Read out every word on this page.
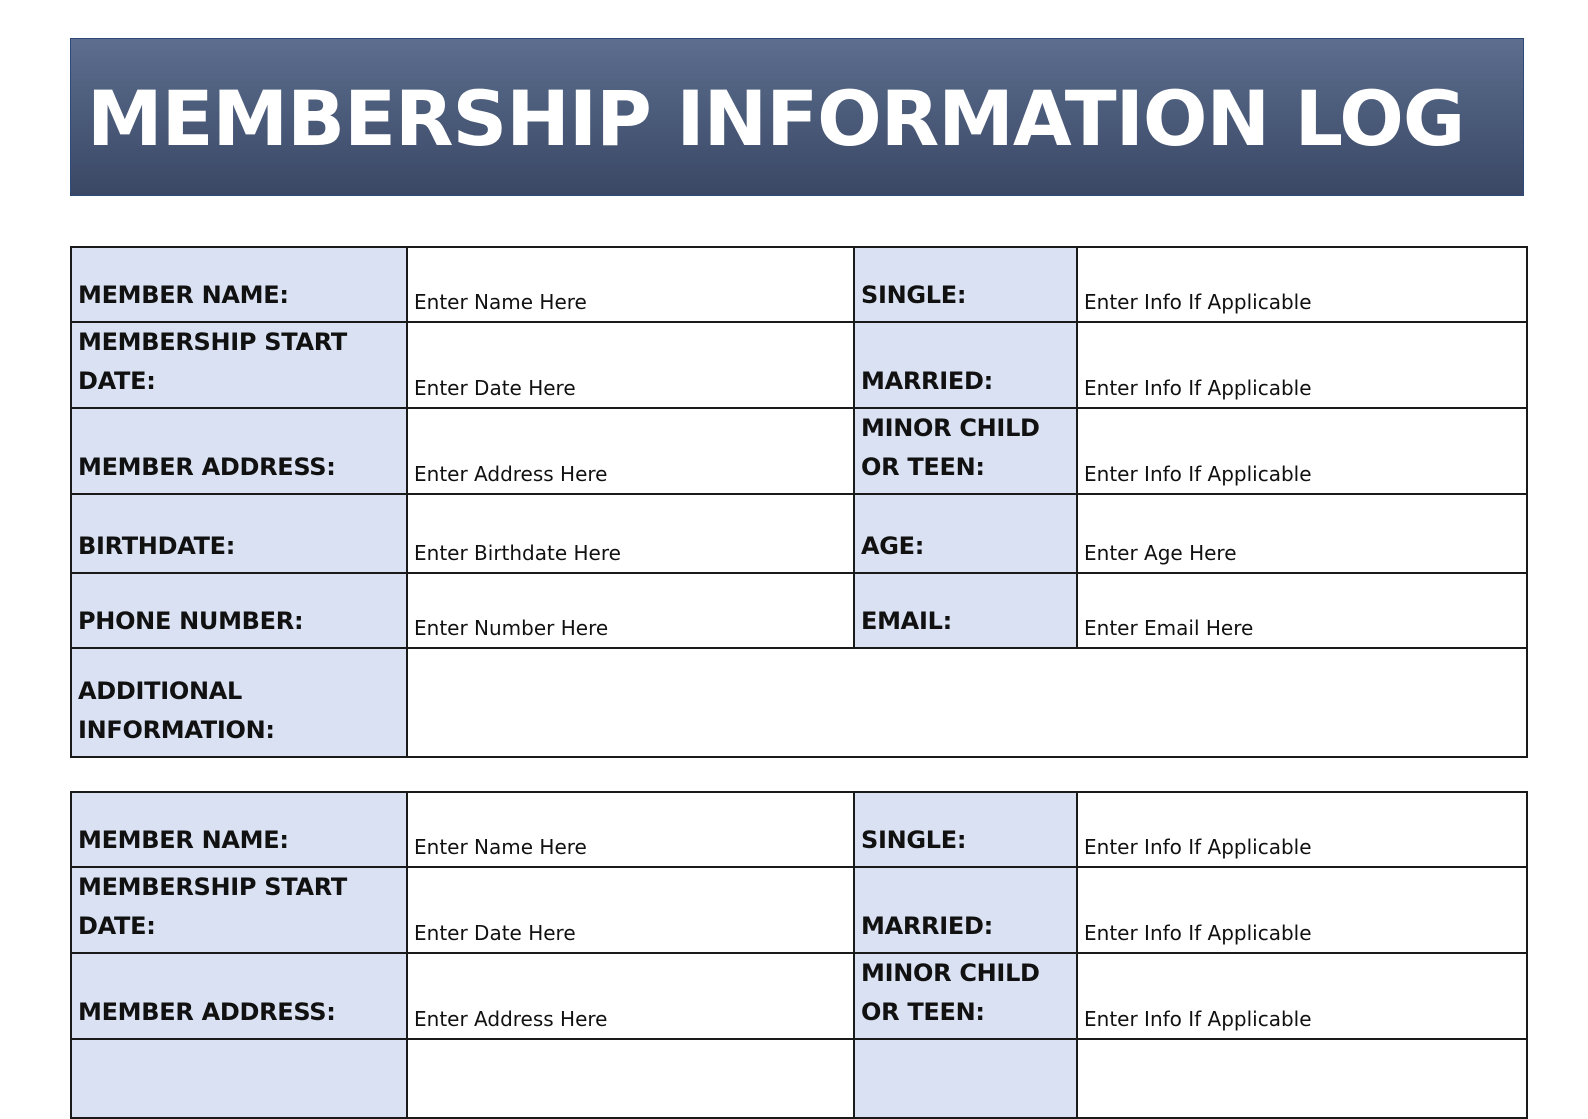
MEMBERSHIP INFORMATION LOG
MEMBER NAME:	Enter Name Here	SINGLE:	Enter Info If Applicable
MEMBERSHIP START DATE:	Enter Date Here	MARRIED:	Enter Info If Applicable
MEMBER ADDRESS:	Enter Address Here	MINOR CHILD OR TEEN:	Enter Info If Applicable
BIRTHDATE:	Enter Birthdate Here	AGE:	Enter Age Here
PHONE NUMBER:	Enter Number Here	EMAIL:	Enter Email Here
ADDITIONAL INFORMATION:			
MEMBER NAME:	Enter Name Here	SINGLE:	Enter Info If Applicable
MEMBERSHIP START DATE:	Enter Date Here	MARRIED:	Enter Info If Applicable
MEMBER ADDRESS:	Enter Address Here	MINOR CHILD OR TEEN:	Enter Info If Applicable
